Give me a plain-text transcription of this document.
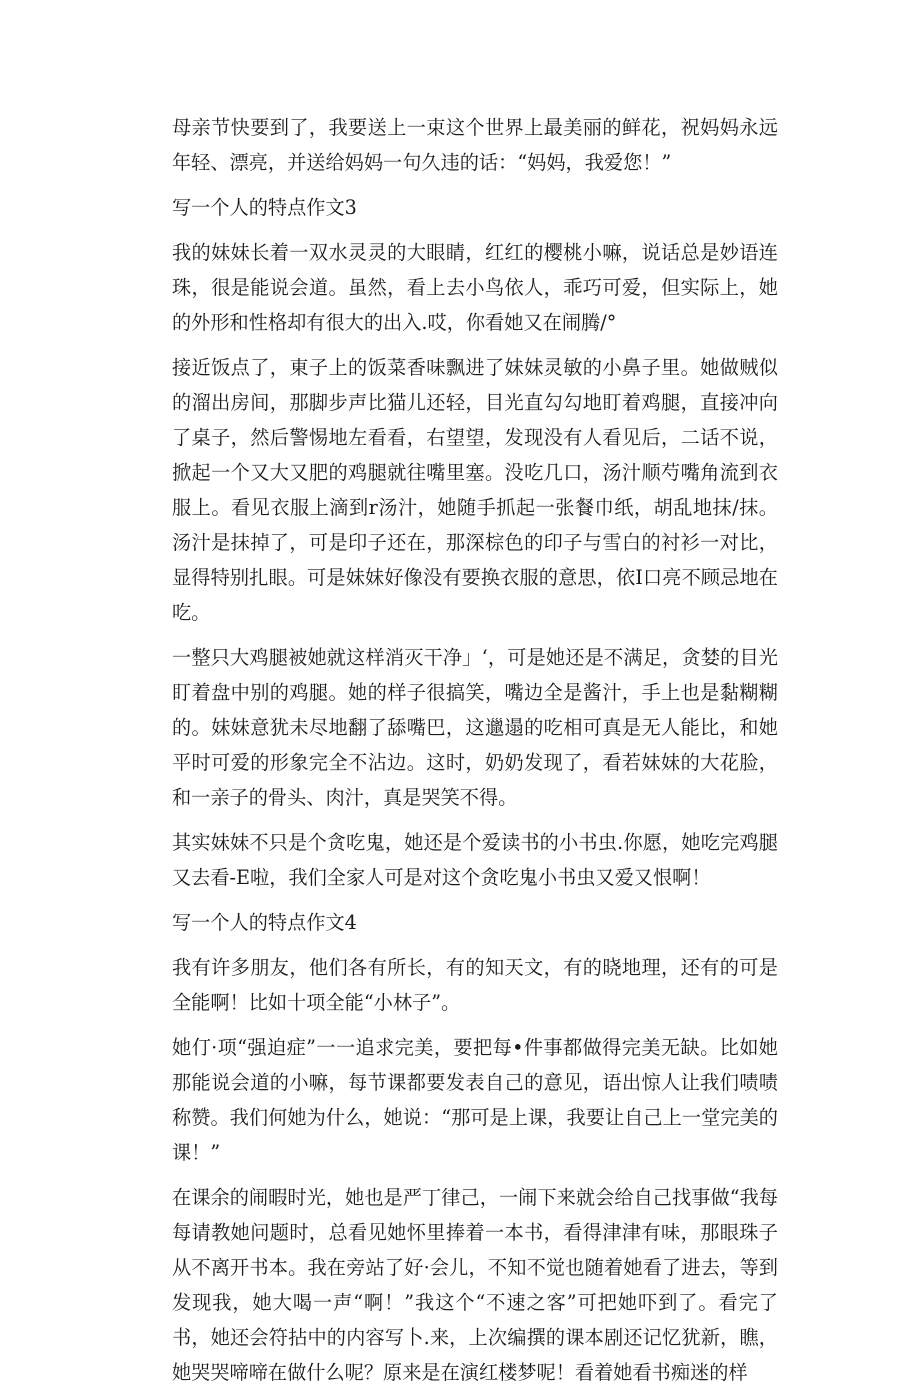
母亲节快要到了，我要送上一束这个世界上最美丽的鲜花，祝妈妈永远年轻、漂亮，并送给妈妈一句久违的话：“妈妈，我爱您！”

写一个人的特点作文3

我的妹妹长着一双水灵灵的大眼睛，红红的樱桃小嘛，说话总是妙语连珠，很是能说会道。虽然，看上去小鸟依人，乖巧可爱，但实际上，她的外形和性格却有很大的出入.哎，你看她又在闹腾/°

接近饭点了，東子上的饭菜香味飘进了妹妹灵敏的小鼻子里。她做贼似的溜出房间，那脚步声比猫儿还轻，目光直勾勾地盯着鸡腿，直接冲向了桌子，然后警惕地左看看，右望望，发现没有人看见后，二话不说，掀起一个又大又肥的鸡腿就往嘴里塞。没吃几口，汤汁顺芍嘴角流到衣服上。看见衣服上滴到r汤汁，她随手抓起一张餐巾纸，胡乱地抹/抹。汤汁是抹掉了，可是印子还在，那深棕色的印子与雪白的衬衫一对比，显得特别扎眼。可是妹妹好像没有要换衣服的意思，依I口亮不顾忌地在吃。

一整只大鸡腿被她就这样消灭干净」‘，可是她还是不满足，贪婪的目光盯着盘中别的鸡腿。她的样子很搞笑，嘴边全是酱汁，手上也是黏糊糊的。妹妹意犹未尽地翻了舔嘴巴，这邋遢的吃相可真是无人能比，和她平时可爱的形象完全不沾边。这时，奶奶发现了，看若妹妹的大花脸，和一亲子的骨头、肉汁，真是哭笑不得。

其实妹妹不只是个贪吃鬼，她还是个爱读书的小书虫.你愿，她吃完鸡腿又去看-E啦，我们全家人可是对这个贪吃鬼小书虫又爱又恨啊！

写一个人的特点作文4

我有许多朋友，他们各有所长，有的知天文，有的晓地理，还有的可是全能啊！比如十项全能“小林子”。

她仃·项“强迫症”一一追求完美，要把每•件事都做得完美无缺。比如她那能说会道的小嘛，每节课都要发表自己的意见，语出惊人让我们啧啧称赞。我们何她为什么，她说：“那可是上课，我要让自己上一堂完美的课！”

在课余的闹暇时光，她也是严丁律己，一闹下来就会给自己找事做“我每每请教她问题时，总看见她怀里捧着一本书，看得津津有味，那眼珠子从不离开书本。我在旁站了好·会儿，不知不觉也随着她看了进去，等到发现我，她大喝一声“啊！”我这个“不速之客”可把她吓到了。看完了书，她还会符拈中的内容写卜.来，上次编撰的课本剧还记忆犹新，瞧，她哭哭啼啼在做什么呢？原来是在演红楼梦呢！看着她看书痴迷的样
